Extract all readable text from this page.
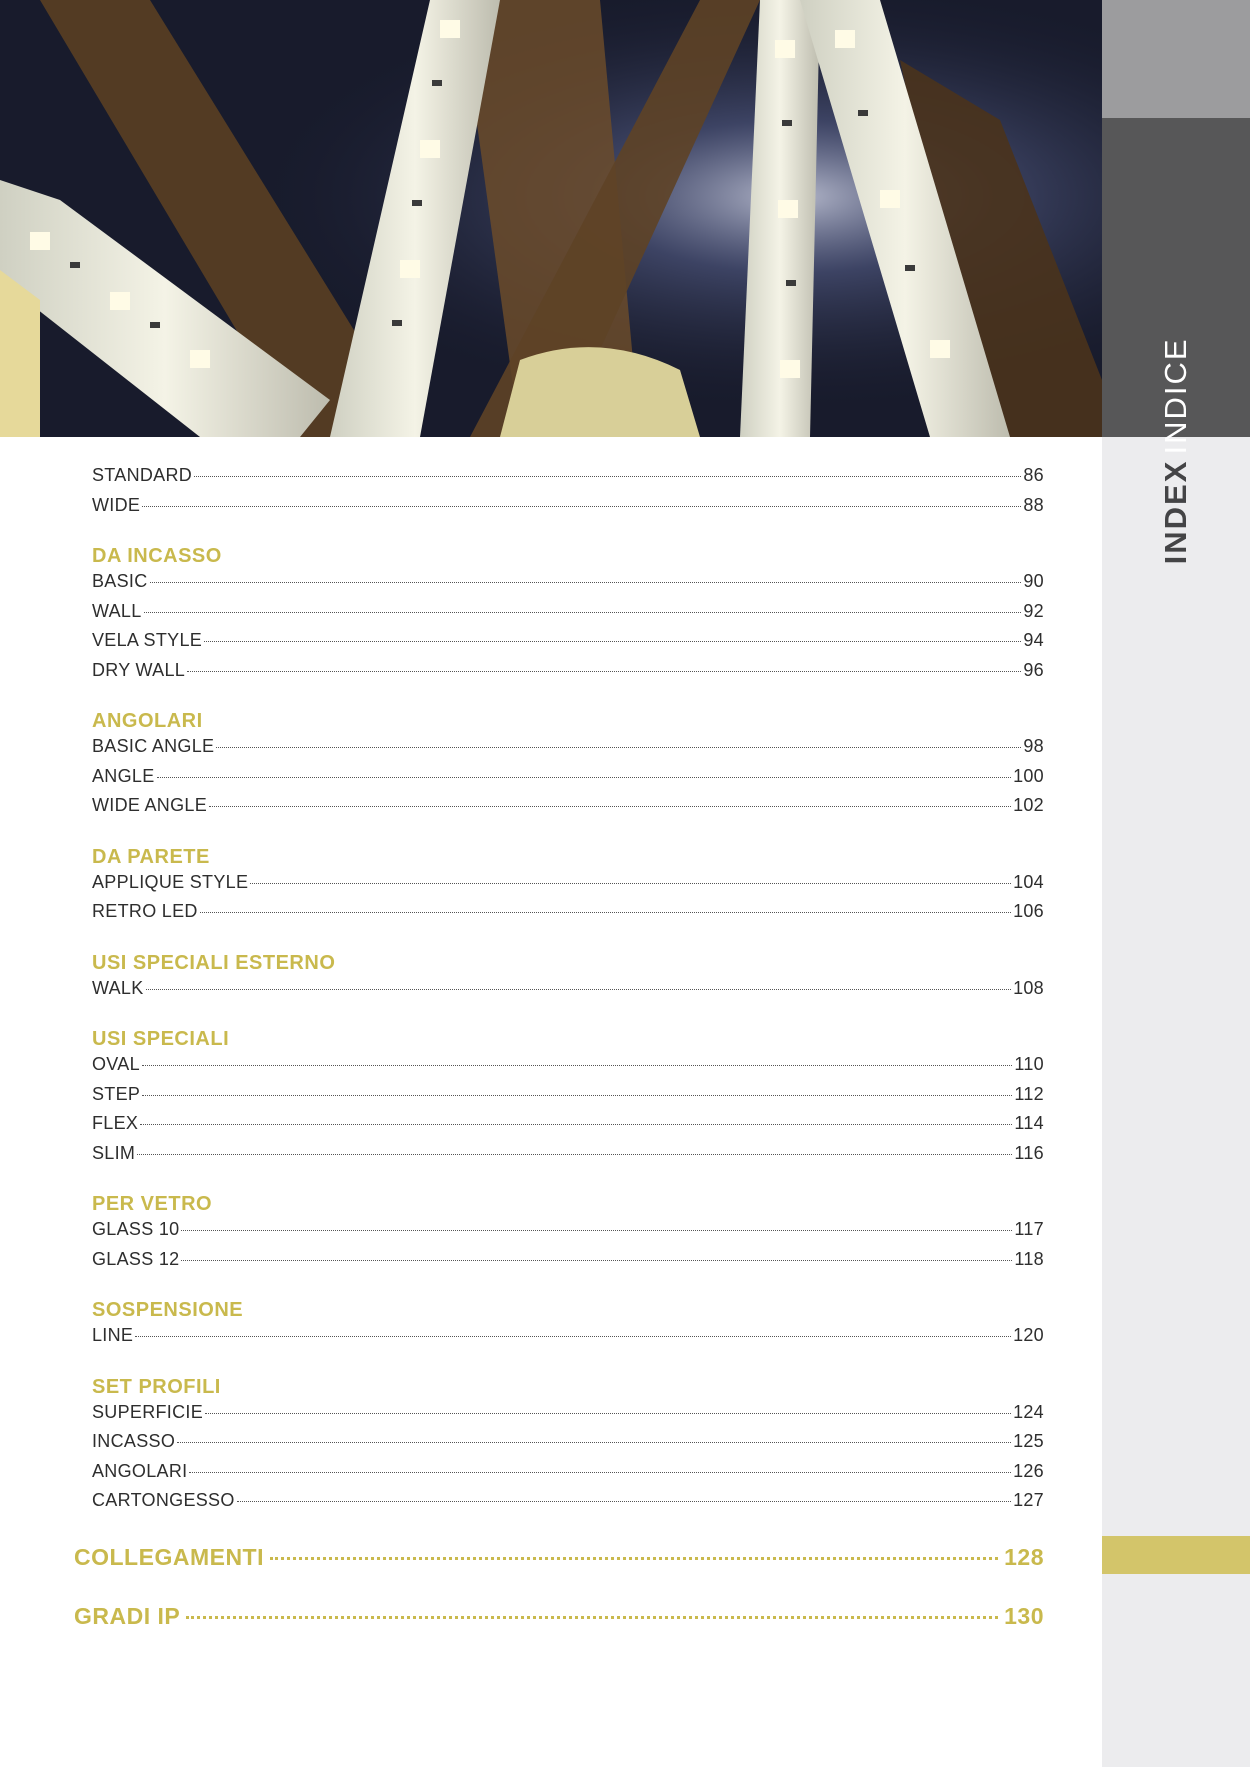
INDICE
INDEX
STANDARD	86
WIDE	88
DA INCASSO
BASIC	90
WALL	92
VELA STYLE	94
DRY WALL	96
ANGOLARI
BASIC ANGLE	98
ANGLE	100
WIDE ANGLE	102
DA PARETE
APPLIQUE STYLE	104
RETRO LED	106
USI SPECIALI ESTERNO
WALK	108
USI SPECIALI
OVAL	110
STEP	112
FLEX	114
SLIM	116
PER VETRO
GLASS 10	117
GLASS 12	118
SOSPENSIONE
LINE	120
SET PROFILI
SUPERFICIE	124
INCASSO	125
ANGOLARI	126
CARTONGESSO	127
COLLEGAMENTI	128
GRADI IP	130
